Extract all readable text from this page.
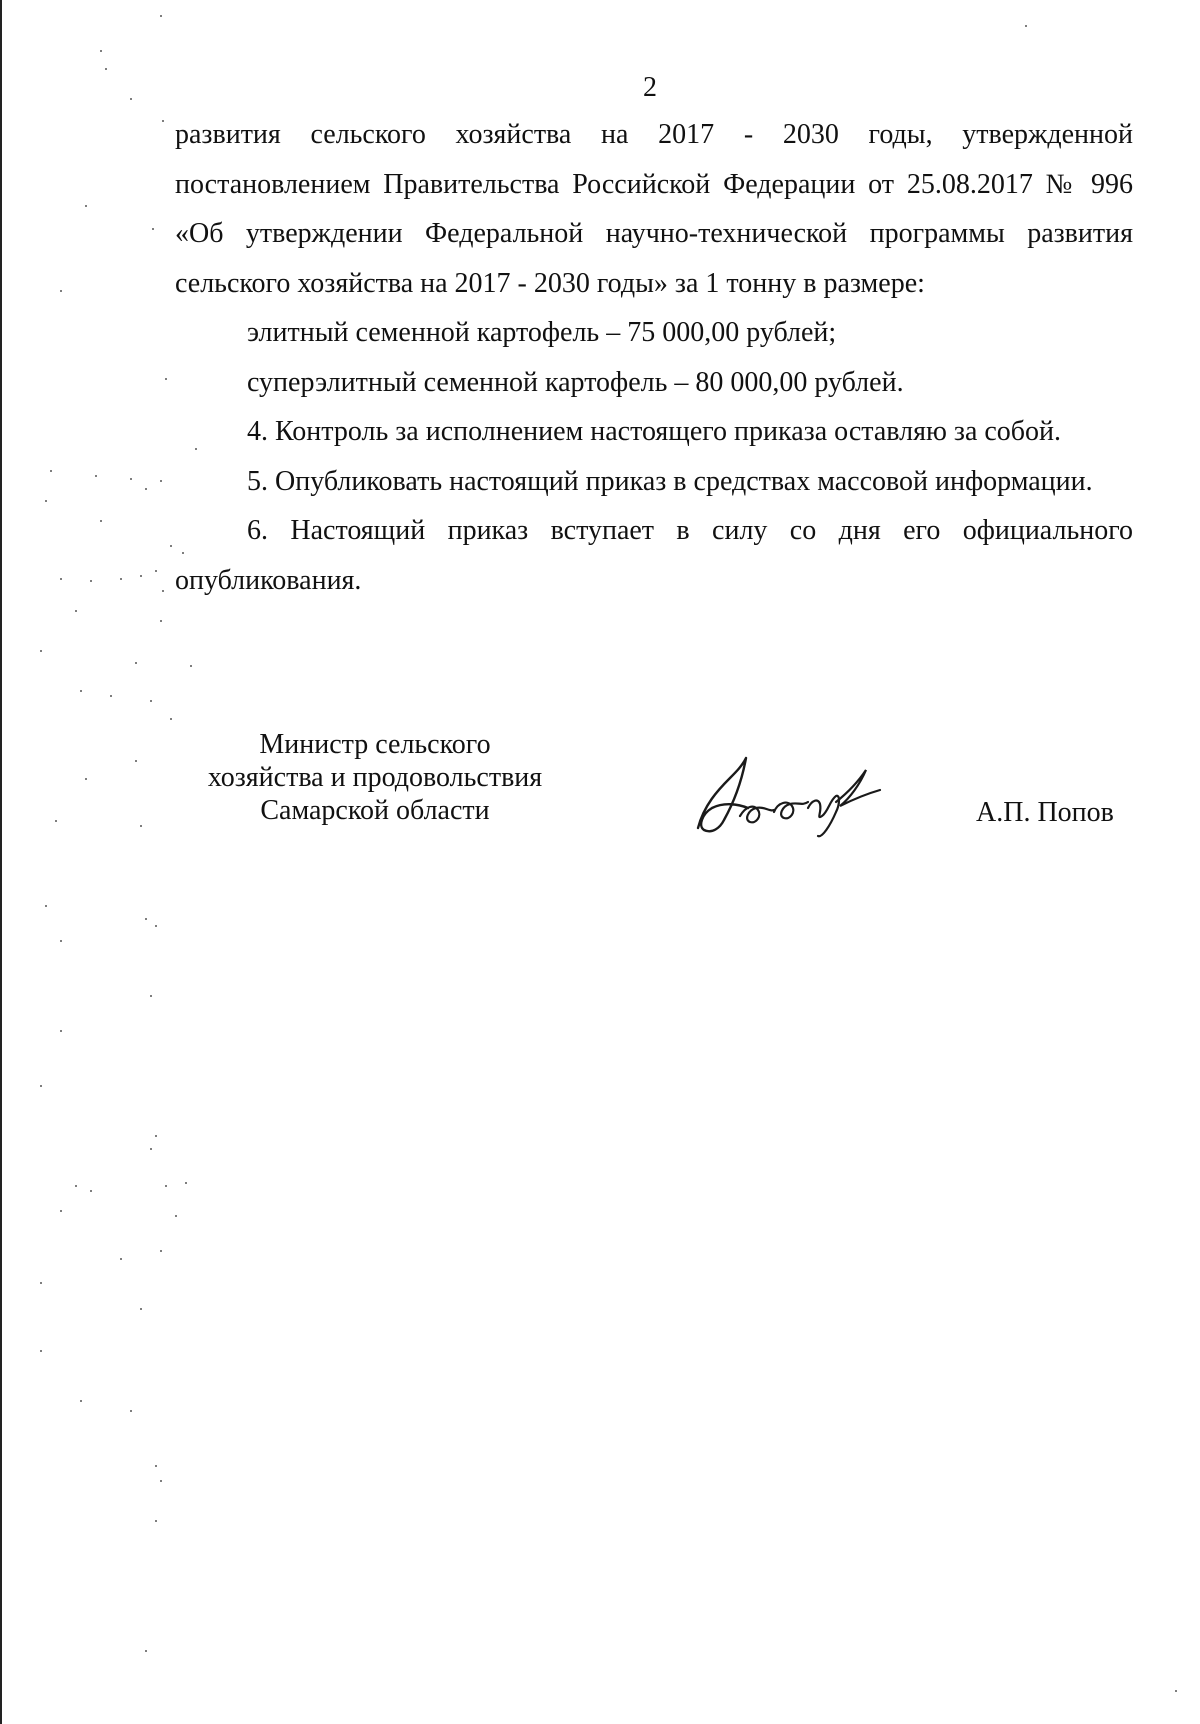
2

развития сельского хозяйства на 2017 - 2030 годы, утвержденной постановлением Правительства Российской Федерации от 25.08.2017 № 996 «Об утверждении Федеральной научно-технической программы развития сельского хозяйства на 2017 - 2030 годы» за 1 тонну в размере:

элитный семенной картофель – 75 000,00 рублей;

суперэлитный семенной картофель – 80 000,00 рублей.

4. Контроль за исполнением настоящего приказа оставляю за собой.

5. Опубликовать настоящий приказ в средствах массовой информации.

6. Настоящий приказ вступает в силу со дня его официального опубликования.

Министр сельского
хозяйства и продовольствия
Самарской области	А.П. Попов
